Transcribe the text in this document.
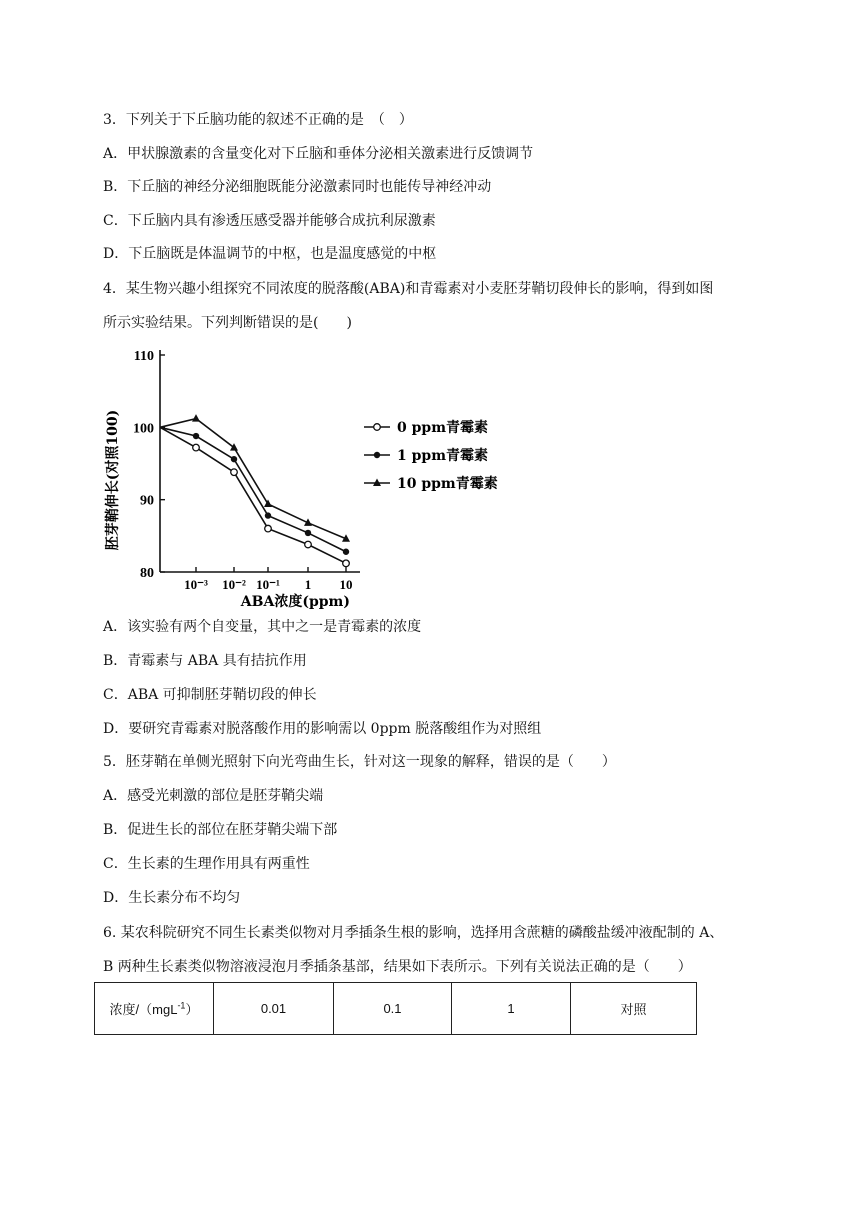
3．下列关于下丘脑功能的叙述不正确的是　（　）
A．甲状腺激素的含量变化对下丘脑和垂体分泌相关激素进行反馈调节
B．下丘脑的神经分泌细胞既能分泌激素同时也能传导神经冲动
C．下丘脑内具有渗透压感受器并能够合成抗利尿激素
D．下丘脑既是体温调节的中枢，也是温度感觉的中枢
4．某生物兴趣小组探究不同浓度的脱落酸(ABA)和青霉素对小麦胚芽鞘切段伸长的影响，得到如图
所示实验结果。下列判断错误的是(　　)
80
90
100
110
10⁻³ 10⁻² 10⁻¹ 1 10
0 ppm青霉素
1 ppm青霉素
10 ppm青霉素
胚芽鞘伸长(对照100)
ABA浓度(ppm)
A．该实验有两个自变量，其中之一是青霉素的浓度
B．青霉素与 ABA 具有拮抗作用
C．ABA 可抑制胚芽鞘切段的伸长
D．要研究青霉素对脱落酸作用的影响需以 0ppm 脱落酸组作为对照组
5．胚芽鞘在单侧光照射下向光弯曲生长，针对这一现象的解释，错误的是（　　）
A．感受光刺激的部位是胚芽鞘尖端
B．促进生长的部位在胚芽鞘尖端下部
C．生长素的生理作用具有两重性
D．生长素分布不均匀
6. 某农科院研究不同生长素类似物对月季插条生根的影响，选择用含蔗糖的磷酸盐缓冲液配制的 A、
B 两种生长素类似物溶液浸泡月季插条基部，结果如下表所示。下列有关说法正确的是（　　）
浓度/（mgL$^{-1}$）	0.01	0.1	1	对照
